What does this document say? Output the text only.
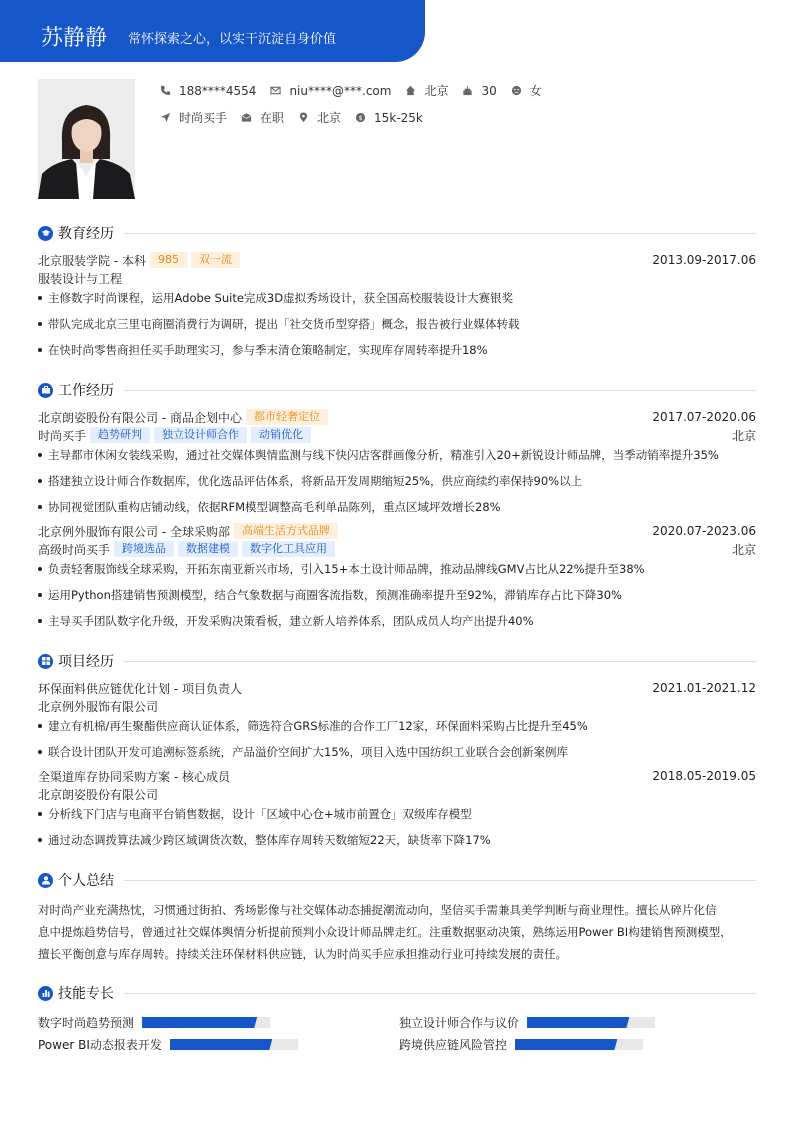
苏静静 常怀探索之心，以实干沉淀自身价值
188****4554	niu****@***.com	北京	30	女
时尚买手	在职	北京 $ 15k-25k
教育经历
北京服装学院 - 本科	985	双一流	2013.09-2017.06
服装设计与工程
主修数字时尚课程，运用Adobe Suite完成3D虚拟秀场设计，获全国高校服装设计大赛银奖
带队完成北京三里屯商圈消费行为调研，提出「社交货币型穿搭」概念，报告被行业媒体转载
在快时尚零售商担任买手助理实习，参与季末清仓策略制定，实现库存周转率提升18%
工作经历
北京朗姿股份有限公司 - 商品企划中心	都市轻奢定位	2017.07-2020.06
时尚买手	趋势研判	独立设计师合作	动销优化	北京
主导都市休闲女装线采购，通过社交媒体舆情监测与线下快闪店客群画像分析，精准引入20+新锐设计师品牌，当季动销率提升35%
搭建独立设计师合作数据库，优化选品评估体系，将新品开发周期缩短25%，供应商续约率保持90%以上
协同视觉团队重构店铺动线，依据RFM模型调整高毛利单品陈列，重点区域坪效增长28%
北京例外服饰有限公司 - 全球采购部	高端生活方式品牌	2020.07-2023.06
高级时尚买手	跨境选品	数据建模	数字化工具应用	北京
负责轻奢服饰线全球采购，开拓东南亚新兴市场，引入15+本土设计师品牌，推动品牌线GMV占比从22%提升至38%
运用Python搭建销售预测模型，结合气象数据与商圈客流指数，预测准确率提升至92%，滞销库存占比下降30%
主导买手团队数字化升级，开发采购决策看板，建立新人培养体系，团队成员人均产出提升40%
项目经历
环保面料供应链优化计划 - 项目负责人	2021.01-2021.12
北京例外服饰有限公司
建立有机棉/再生聚酯供应商认证体系，筛选符合GRS标准的合作工厂12家，环保面料采购占比提升至45%
联合设计团队开发可追溯标签系统，产品溢价空间扩大15%，项目入选中国纺织工业联合会创新案例库
全渠道库存协同采购方案 - 核心成员	2018.05-2019.05
北京朗姿股份有限公司
分析线下门店与电商平台销售数据，设计「区域中心仓+城市前置仓」双级库存模型
通过动态调拨算法减少跨区域调货次数，整体库存周转天数缩短22天，缺货率下降17%
个人总结
对时尚产业充满热忱，习惯通过街拍、秀场影像与社交媒体动态捕捉潮流动向，坚信买手需兼具美学判断与商业理性。擅长从碎片化信
息中提炼趋势信号，曾通过社交媒体舆情分析提前预判小众设计师品牌走红。注重数据驱动决策，熟练运用Power BI构建销售预测模型，
擅长平衡创意与库存周转。持续关注环保材料供应链，认为时尚买手应承担推动行业可持续发展的责任。
技能专长
数字时尚趋势预测	独立设计师合作与议价
Power BI动态报表开发	跨境供应链风险管控
